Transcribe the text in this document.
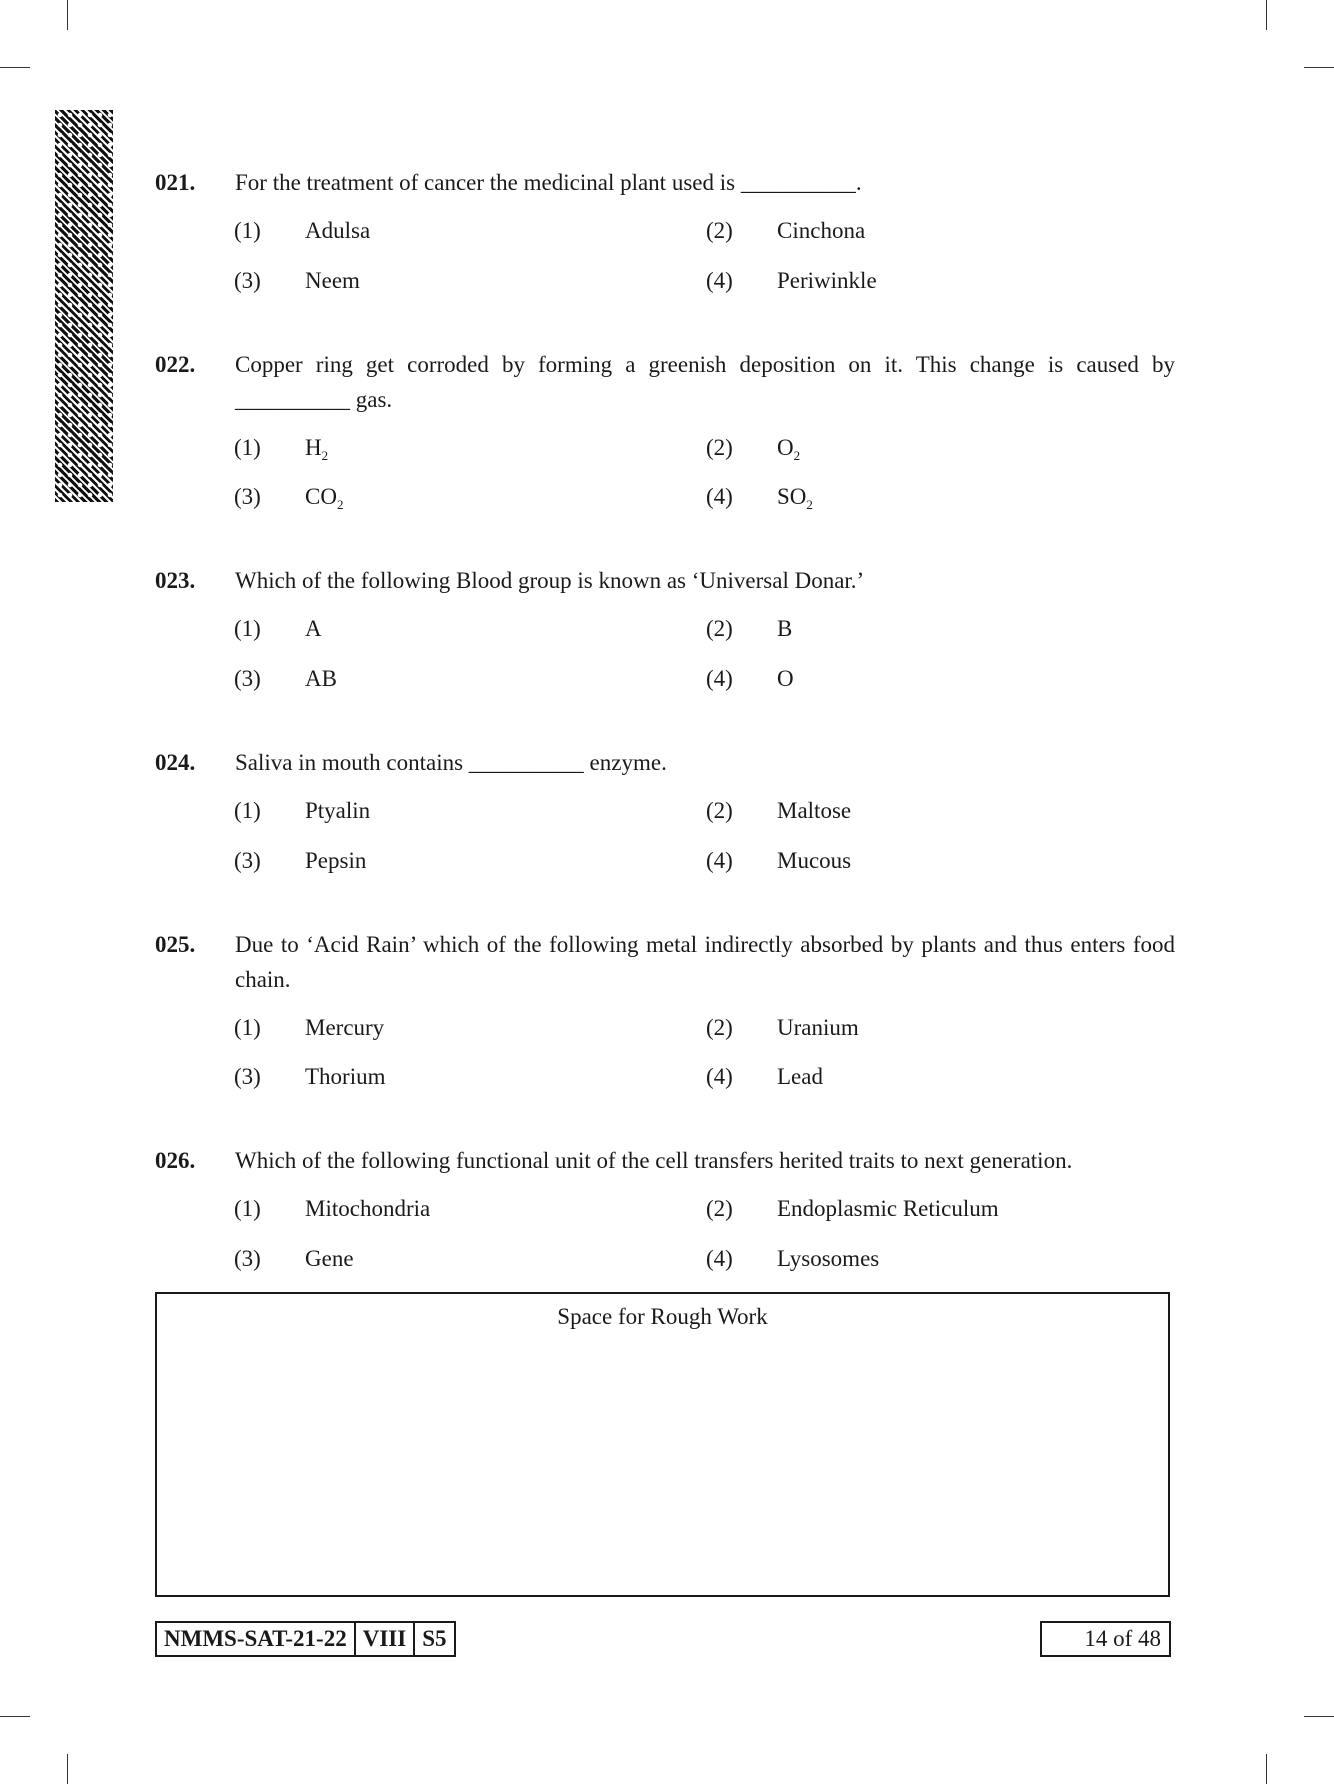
021. For the treatment of cancer the medicinal plant used is __________.
(1) Adulsa	(2) Cinchona
(3) Neem	(4) Periwinkle
022. Copper ring get corroded by forming a greenish deposition on it. This change is caused by __________ gas.
(1) $H_2$	(2) $O_2$
(3) $CO_2$	(4) $SO_2$
023. Which of the following Blood group is known as ‘Universal Donar.’
(1) A	(2) B
(3) AB	(4) O
024. Saliva in mouth contains __________ enzyme.
(1) Ptyalin	(2) Maltose
(3) Pepsin	(4) Mucous
025. Due to ‘Acid Rain’ which of the following metal indirectly absorbed by plants and thus enters food chain.
(1) Mercury	(2) Uranium
(3) Thorium	(4) Lead
026. Which of the following functional unit of the cell transfers herited traits to next generation.
(1) Mitochondria	(2) Endoplasmic Reticulum
(3) Gene	(4) Lysosomes
Space for Rough Work
NMMS-SAT-21-22 VIII S5	14 of 48
